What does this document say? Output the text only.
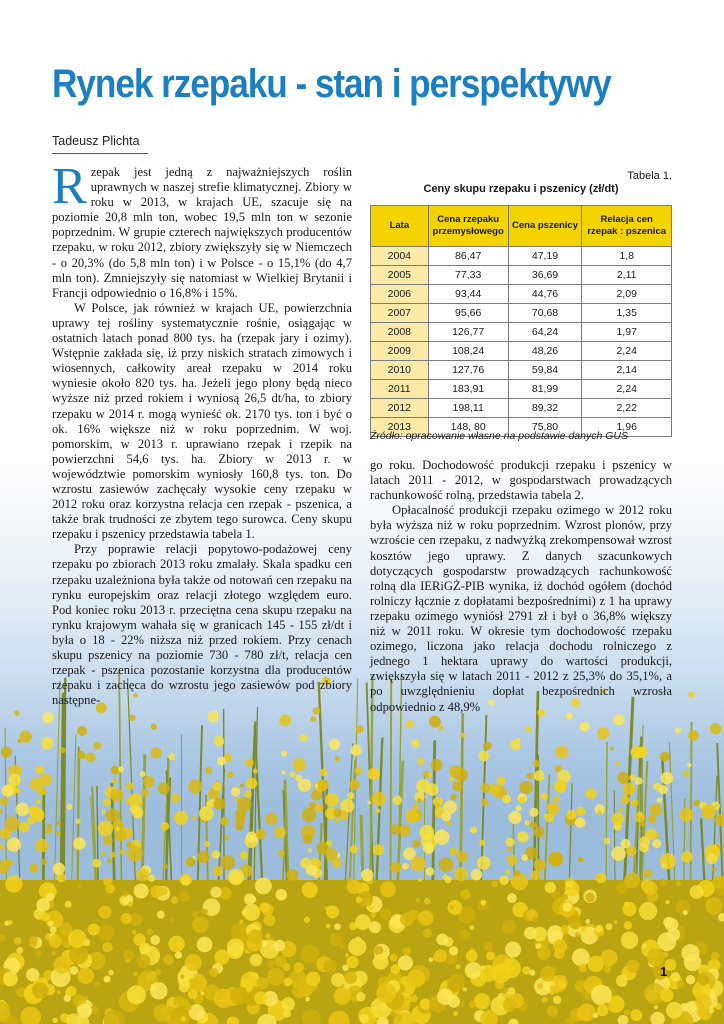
Rynek rzepaku - stan i perspektywy
Tadeusz Plichta

Rzepak jest jedną z najważniejszych roślin uprawnych w naszej strefie klimatycznej. Zbiory w roku w 2013, w krajach UE, szacuje się na poziomie 20,8 mln ton, wobec 19,5 mln ton w sezonie poprzednim. W grupie czterech największych producentów rzepaku, w roku 2012, zbiory zwiększyły się w Niemczech - o 20,3% (do 5,8 mln ton) i w Polsce - o 15,1% (do 4,7 mln ton). Zmniejszyły się natomiast w Wielkiej Brytanii i Francji odpowiednio o 16,8% i 15%.

W Polsce, jak również w krajach UE, powierzchnia uprawy tej rośliny systematycznie rośnie, osiągając w ostatnich latach ponad 800 tys. ha (rzepak jary i ozimy). Wstępnie zakłada się, iż przy niskich stratach zimowych i wiosennych, całkowity areał rzepaku w 2014 roku wyniesie około 820 tys. ha. Jeżeli jego plony będą nieco wyższe niż przed rokiem i wyniosą 26,5 dt/ha, to zbiory rzepaku w 2014 r. mogą wynieść ok. 2170 tys. ton i być o ok. 16% większe niż w roku poprzednim. W woj. pomorskim, w 2013 r. uprawiano rzepak i rzepik na powierzchni 54,6 tys. ha. Zbiory w 2013 r. w województwie pomorskim wyniosły 160,8 tys. ton. Do wzrostu zasiewów zachęcały wysokie ceny rzepaku w 2012 roku oraz korzystna relacja cen rzepak - pszenica, a także brak trudności ze zbytem tego surowca. Ceny skupu rzepaku i pszenicy przedstawia tabela 1.

Przy poprawie relacji popytowo-podażowej ceny rzepaku po zbiorach 2013 roku zmalały. Skala spadku cen rzepaku uzależniona była także od notowań cen rzepaku na rynku europejskim oraz relacji złotego względem euro. Pod koniec roku 2013 r. przeciętna cena skupu rzepaku na rynku krajowym wahała się w granicach 145 - 155 zł/dt i była o 18 - 22% niższa niż przed rokiem. Przy cenach skupu pszenicy na poziomie 730 - 780 zł/t, relacja cen rzepak - pszenica pozostanie korzystna dla producentów rzepaku i zachęca do wzrostu jego zasiewów pod zbiory następne-

Tabela 1.
Ceny skupu rzepaku i pszenicy (zł/dt)
Lata	Cena rzepaku przemysłowego	Cena pszenicy	Relacja cen rzepak : pszenica
2004	86,47	47,19	1,8
2005	77,33	36,69	2,11
2006	93,44	44,76	2,09
2007	95,66	70,68	1,35
2008	126,77	64,24	1,97
2009	108,24	48,26	2,24
2010	127,76	59,84	2,14
2011	183,91	81,99	2,24
2012	198,11	89,32	2,22
2013	148, 80	75,80	1,96
Źródło: opracowanie własne na podstawie danych GUS

go roku. Dochodowość produkcji rzepaku i pszenicy w latach 2011 - 2012, w gospodarstwach prowadzących rachunkowość rolną, przedstawia tabela 2.

Opłacalność produkcji rzepaku ozimego w 2012 roku była wyższa niż w roku poprzednim. Wzrost plonów, przy wzroście cen rzepaku, z nadwyżką zrekompensował wzrost kosztów jego uprawy. Z danych szacunkowych dotyczących gospodarstw prowadzących rachunkowość rolną dla IERiGŻ-PIB wynika, iż dochód ogółem (dochód rolniczy łącznie z dopłatami bezpośrednimi) z 1 ha uprawy rzepaku ozimego wyniósł 2791 zł i był o 36,8% większy niż w 2011 roku. W okresie tym dochodowość rzepaku ozimego, liczona jako relacja dochodu rolniczego z jednego 1 hektara uprawy do wartości produkcji, zwiększyła się w latach 2011 - 2012 z 25,3% do 35,1%, a po uwzględnieniu dopłat bezpośrednich wzrosła odpowiednio z 48,9%

1
